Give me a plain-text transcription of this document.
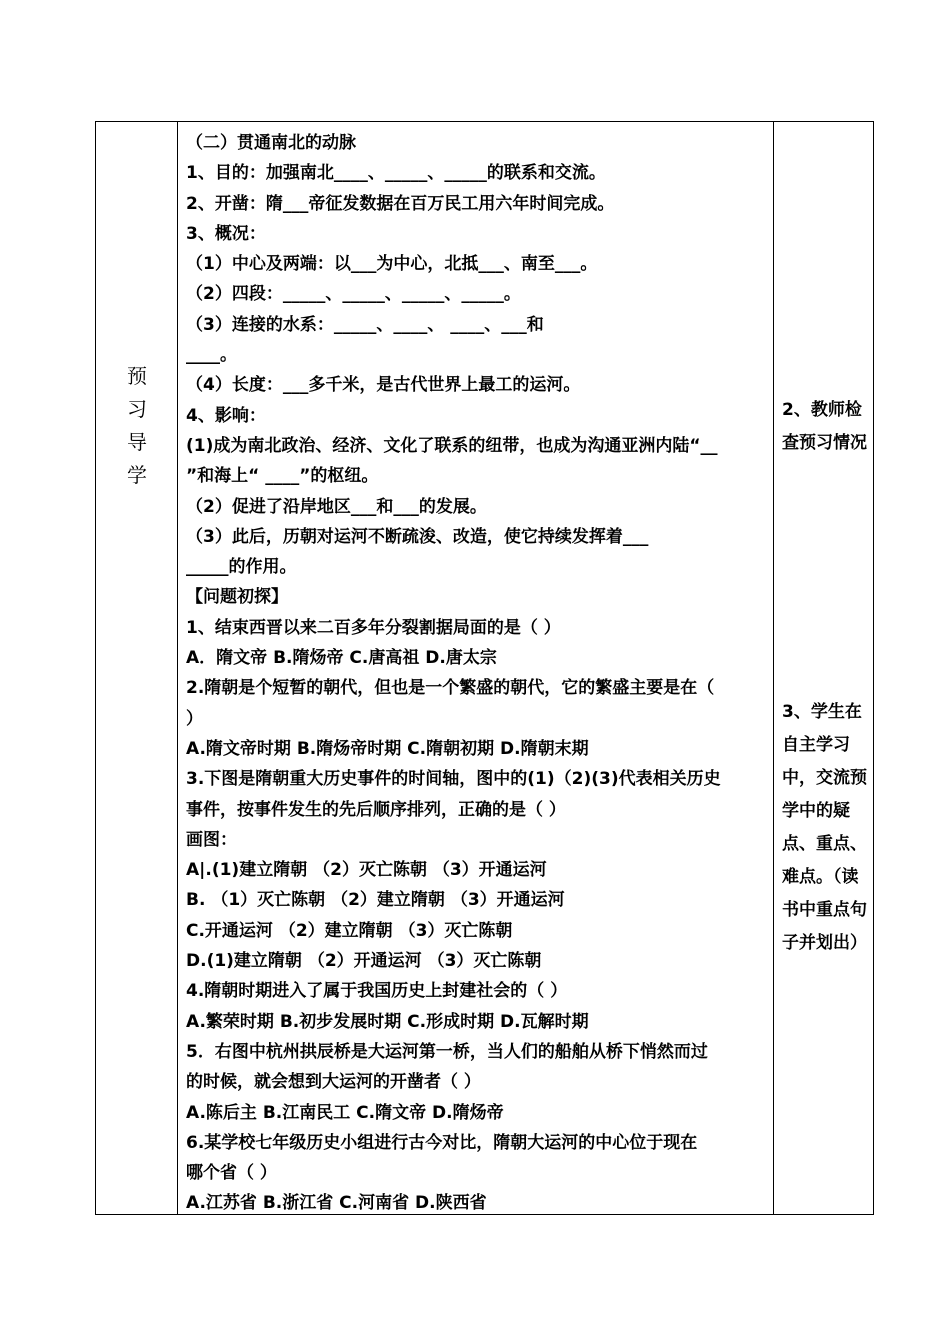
预
习
导
学
（二）贯通南北的动脉
1、目的：加强南北____、_____、_____的联系和交流。
2、开凿：隋___帝征发数据在百万民工用六年时间完成。
3、概况：
（1）中心及两端：以___为中心，北抵___、南至___。
（2）四段：_____、_____、_____、_____。
（3）连接的水系：_____、____、 ____、___和
____。
（4）长度：___多千米，是古代世界上最工的运河。
4、影响：
(1)成为南北政治、经济、文化了联系的纽带，也成为沟通亚洲内陆“__
”和海上“ ____”的枢纽。
（2）促进了沿岸地区___和___的发展。
（3）此后，历朝对运河不断疏浚、改造，使它持续发挥着___
_____的作用。
【问题初探】
1、结束西晋以来二百多年分裂割据局面的是（ ）
A．隋文帝 B.隋炀帝 C.唐高祖 D.唐太宗
2.隋朝是个短暂的朝代，但也是一个繁盛的朝代，它的繁盛主要是在（
）
A.隋文帝时期 B.隋炀帝时期 C.隋朝初期 D.隋朝末期
3.下图是隋朝重大历史事件的时间轴，图中的(1)（2)(3)代表相关历史
事件，按事件发生的先后顺序排列，正确的是（ ）
画图：
A|.(1)建立隋朝 （2）灭亡陈朝 （3）开通运河
B. （1）灭亡陈朝 （2）建立隋朝 （3）开通运河
C.开通运河 （2）建立隋朝 （3）灭亡陈朝
D.(1)建立隋朝 （2）开通运河 （3）灭亡陈朝
4.隋朝时期进入了属于我国历史上封建社会的（ ）
A.繁荣时期 B.初步发展时期 C.形成时期 D.瓦解时期
5．右图中杭州拱辰桥是大运河第一桥，当人们的船舶从桥下悄然而过
的时候，就会想到大运河的开凿者（ ）
A.陈后主 B.江南民工 C.隋文帝 D.隋炀帝
6.某学校七年级历史小组进行古今对比，隋朝大运河的中心位于现在
哪个省（ ）
A.江苏省 B.浙江省 C.河南省 D.陕西省
2、教师检查预习情况
3、学生在自主学习中，交流预学中的疑点、重点、难点。（读书中重点句子并划出）
